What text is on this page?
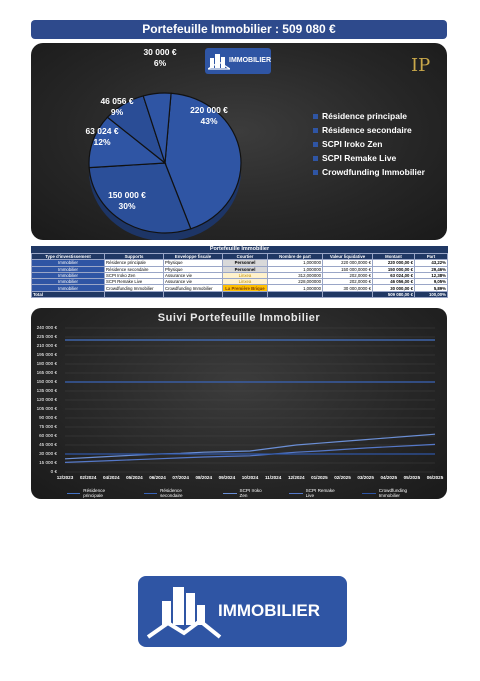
Portefeuille Immobilier : 509 080 €
IMMOBILIER	IP
220 000 €
43%
150 000 €
30%
63 024 €
12%
46 056 €
9%
30 000 €
6%
Résidence principale
Résidence secondaire
SCPI Iroko Zen
SCPI Remake Live
Crowdfunding Immobilier
Portefeuille Immobilier
Type d'investissement	Supports	Enveloppe fiscale	Courtier	Nombre de part	Valeur liquidative	Montant	Part
Immobilier	Résidence principale	Physique	Personnel	1,000000	220 000,0000 €	220 000,00 €	43,22%
Immobilier	Résidence secondaire	Physique	Personnel	1,000000	150 000,0000 €	150 000,00 €	29,46%
Immobilier	SCPI Iroko Zen	Assurance vie	Linxea	312,000000	202,0000 €	63 024,00 €	12,38%
Immobilier	SCPI Remake Live	Assurance vie	Linxea	228,000000	202,0000 €	46 056,00 €	9,05%
Immobilier	Crowdfunding Immobilier	Crowdfunding Immobilier	La Première Brique	1,000000	30 000,0000 €	30 000,00 €	5,89%
Total						509 080,00 €	100,00%
Suivi Portefeuille Immobilier
Résidence principale
Résidence secondaire
SCPI Iroko Zen
SCPI Remake Live
Crowdfunding Immobilier
0 €
15 000 €
30 000 €
45 000 €
60 000 €
75 000 €
90 000 €
105 000 €
120 000 €
135 000 €
150 000 €
165 000 €
180 000 €
195 000 €
210 000 €
225 000 €
240 000 €
12/2023	02/2024	04/2024	05/2024	06/2024	07/2024	08/2024	09/2024	10/2024	11/2024	12/2024	01/2025	02/2025	03/2025	04/2025	05/2025	06/2025
IMMOBILIER
